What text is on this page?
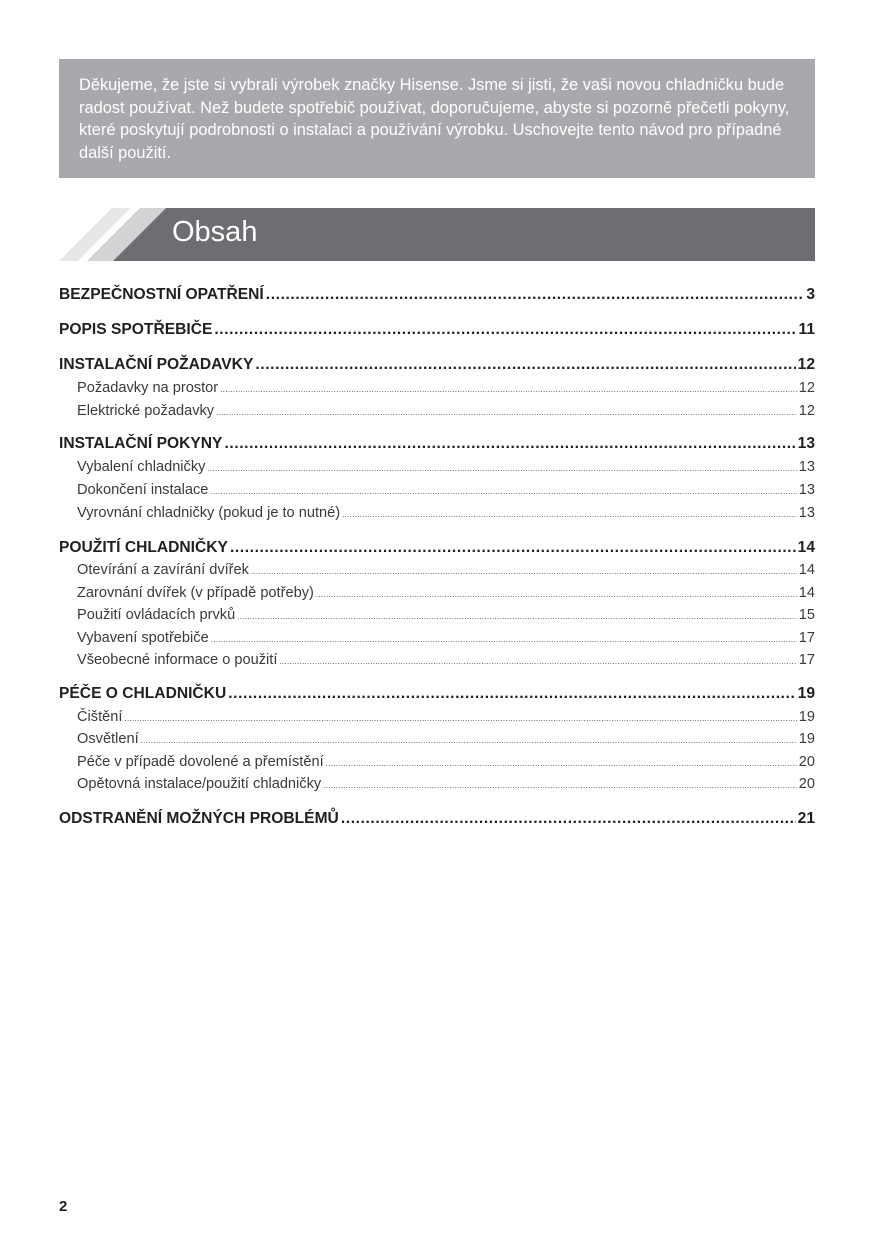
Děkujeme, že jste si vybrali výrobek značky Hisense. Jsme si jisti, že vaši novou chladničku bude radost používat. Než budete spotřebič používat, doporučujeme, abyste si pozorně přečetli pokyny, které poskytují podrobnosti o instalaci a používání výrobku. Uschovejte tento návod pro případné další použití.

Obsah
BEZPEČNOSTNÍ OPATŘENÍ .....	3
POPIS SPOTŘEBIČE .....	11
INSTALAČNÍ POŽADAVKY .....	12
Požadavky na prostor .....	12
Elektrické požadavky .....	12
INSTALAČNÍ POKYNY .....	13
Vybalení chladničky .....	13
Dokončení instalace .....	13
Vyrovnání chladničky (pokud je to nutné) .....	13
POUŽITÍ CHLADNIČKY .....	14
Otevírání a zavírání dvířek .....	14
Zarovnání dvířek (v případě potřeby) .....	14
Použití ovládacích prvků .....	15
Vybavení spotřebiče .....	17
Všeobecné informace o použití .....	17
PÉČE O CHLADNIČKU .....	19
Čištění .....	19
Osvětlení .....	19
Péče v případě dovolené a přemístění .....	20
Opětovná instalace/použití chladničky .....	20
ODSTRANĚNÍ MOŽNÝCH PROBLÉMŮ .....	21
2
